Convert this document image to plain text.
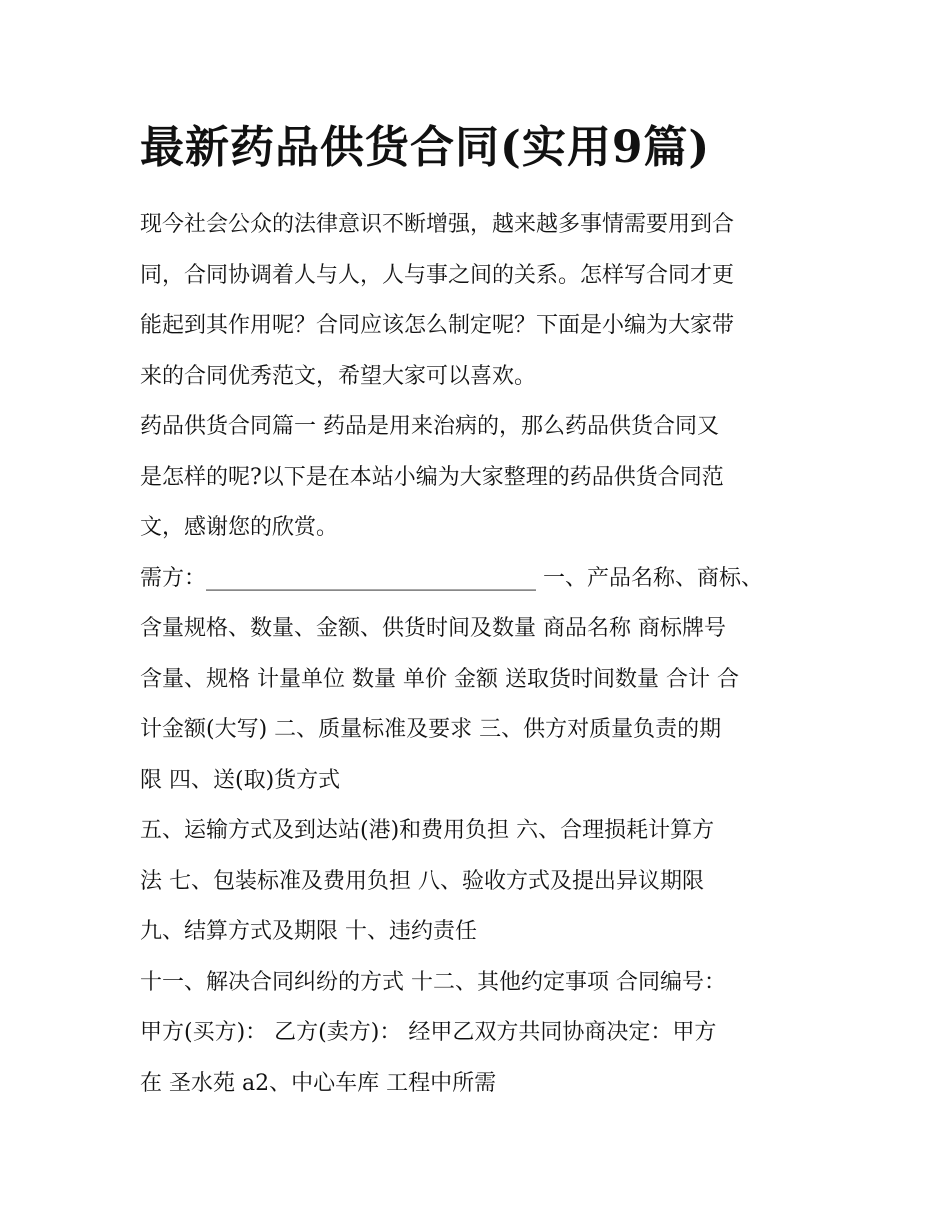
最新药品供货合同(实用9篇)

现今社会公众的法律意识不断增强，越来越多事情需要用到合
同，合同协调着人与人，人与事之间的关系。怎样写合同才更
能起到其作用呢？合同应该怎么制定呢？下面是小编为大家带
来的合同优秀范文，希望大家可以喜欢。

药品供货合同篇一 药品是用来治病的，那么药品供货合同又
是怎样的呢?以下是在本站小编为大家整理的药品供货合同范
文，感谢您的欣赏。

需方：______________________________ 一、产品名称、商标、
含量规格、数量、金额、供货时间及数量 商品名称 商标牌号
含量、规格 计量单位 数量 单价 金额 送取货时间数量 合计 合
计金额(大写) 二、质量标准及要求 三、供方对质量负责的期
限 四、送(取)货方式

五、运输方式及到达站(港)和费用负担 六、合理损耗计算方
法 七、包装标准及费用负担 八、验收方式及提出异议期限
九、结算方式及期限 十、违约责任

十一、解决合同纠纷的方式 十二、其他约定事项 合同编号：
甲方(买方)： 乙方(卖方)： 经甲乙双方共同协商决定：甲方
在 圣水苑 a2、中心车库 工程中所需
